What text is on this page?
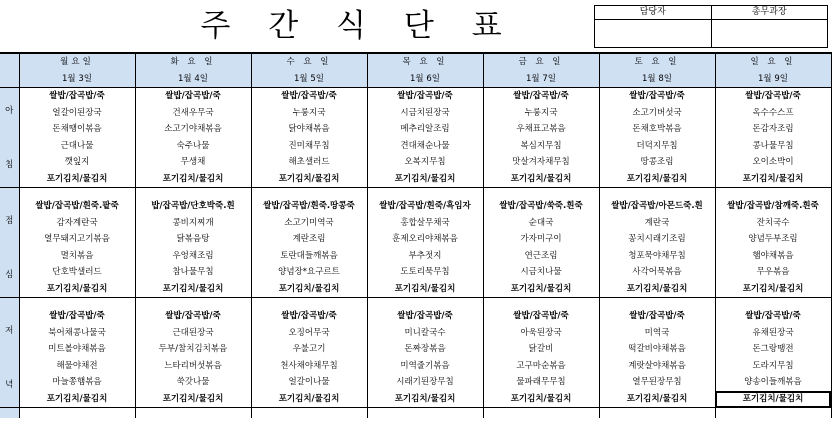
주 간 식 단 표	담당자	총무과장

	월요일	화 요 일	수 요 일	목 요 일	금 요 일	토 요 일	일 요 일
	1월 3일	1월 4일	1월 5일	1월 6일	1월 7일	1월 8일	1월 9일

아
침	쌀밥/잡곡밥/죽	쌀밥/잡곡밥/죽	쌀밥/잡곡밥/죽	쌀밥/잡곡밥/죽	쌀밥/잡곡밥/죽	쌀밥/잡곡밥/죽	쌀밥/잡곡밥/죽
	얼갈이된장국	건새우무국	누룽지국	시금치된장국	누룽지국	소고기버섯국	옥수수스프
	돈채땡이볶음	소고기야채볶음	닭야채볶음	메추리알조림	우채표고볶음	돈채호박볶음	돈감자조림
	근대나물	숙주나물	진미채무침	견대채순나물	복심지무침	더덕지무침	콩나물무침
	깻잎지	무생채	해초샐러드	오복지무침	맛살겨자채무침	땅콩조림	오이소박이
	포기김치/물김치	포기김치/물김치	포기김치/물김치	포기김치/물김치	포기김치/물김치	포기김치/물김치	포기김치/물김치

점
심	쌀밥/잡곡밥/흰죽.팥죽	밥/잡곡밥/단호박죽.흰	쌀밥/잡곡밥/흰죽.땅콩죽	쌀밥/잡곡밥/흰죽/흑임자	쌀밥/잡곡밥/쑥죽.흰죽	쌀밥/잡곡밥/아몬드죽.흰	쌀밥/잡곡밥/참깨죽.흰죽
	감자계란국	콩비지찌개	소고기미역국	홍합살무채국	순대국	계란국	잔치국수
	열무돼지고기볶음	닭볶음탕	계란조림	훈제오리야채볶음	가자미구이	꽁치시래기조림	양념두부조림
	멸치볶음	우엉채조림	토란대들깨볶음	부추젓지	연근조림	청포묵야채무침	햄야채볶음
	단호박샐러드	참나물무침	양념장*요구르트	도토리묵무침	시금치나물	사각어묵볶음	무우볶음
	포기김치/물김치	포기김치/물김치	포기김치/물김치	포기김치/물김치	포기김치/물김치	포기김치/물김치	포기김치/물김치

저
녁	쌀밥/잡곡밥/죽	쌀밥/잡곡밥/죽	쌀밥/잡곡밥/죽	쌀밥/잡곡밥/죽	쌀밥/잡곡밥/죽	쌀밥/잡곡밥/죽	쌀밥/잡곡밥/죽
	북어채콩나물국	근대된장국	오징어무국	미니칼국수	아욱된장국	미역국	유채된장국
	미트볼야채볶음	두부/참치김치볶음	우불고기	돈짜장볶음	닭갈비	떡갈비야채볶음	돈그랑땡전
	해물야채전	느타리버섯볶음	천사채야채무침	미역줄기볶음	고구마순볶음	계랏살야채볶음	도라지무침
	마늘쫑햄볶음	쑥갓나물	얼갈이나물	시래기된장무침	물파래무무침	열무된장무침	양송이들깨볶음
	포기김치/물김치	포기김치/물김치	포기김치/물김치	포기김치/물김치	포기김치/물김치	포기김치/물김치	포기김치/물김치
